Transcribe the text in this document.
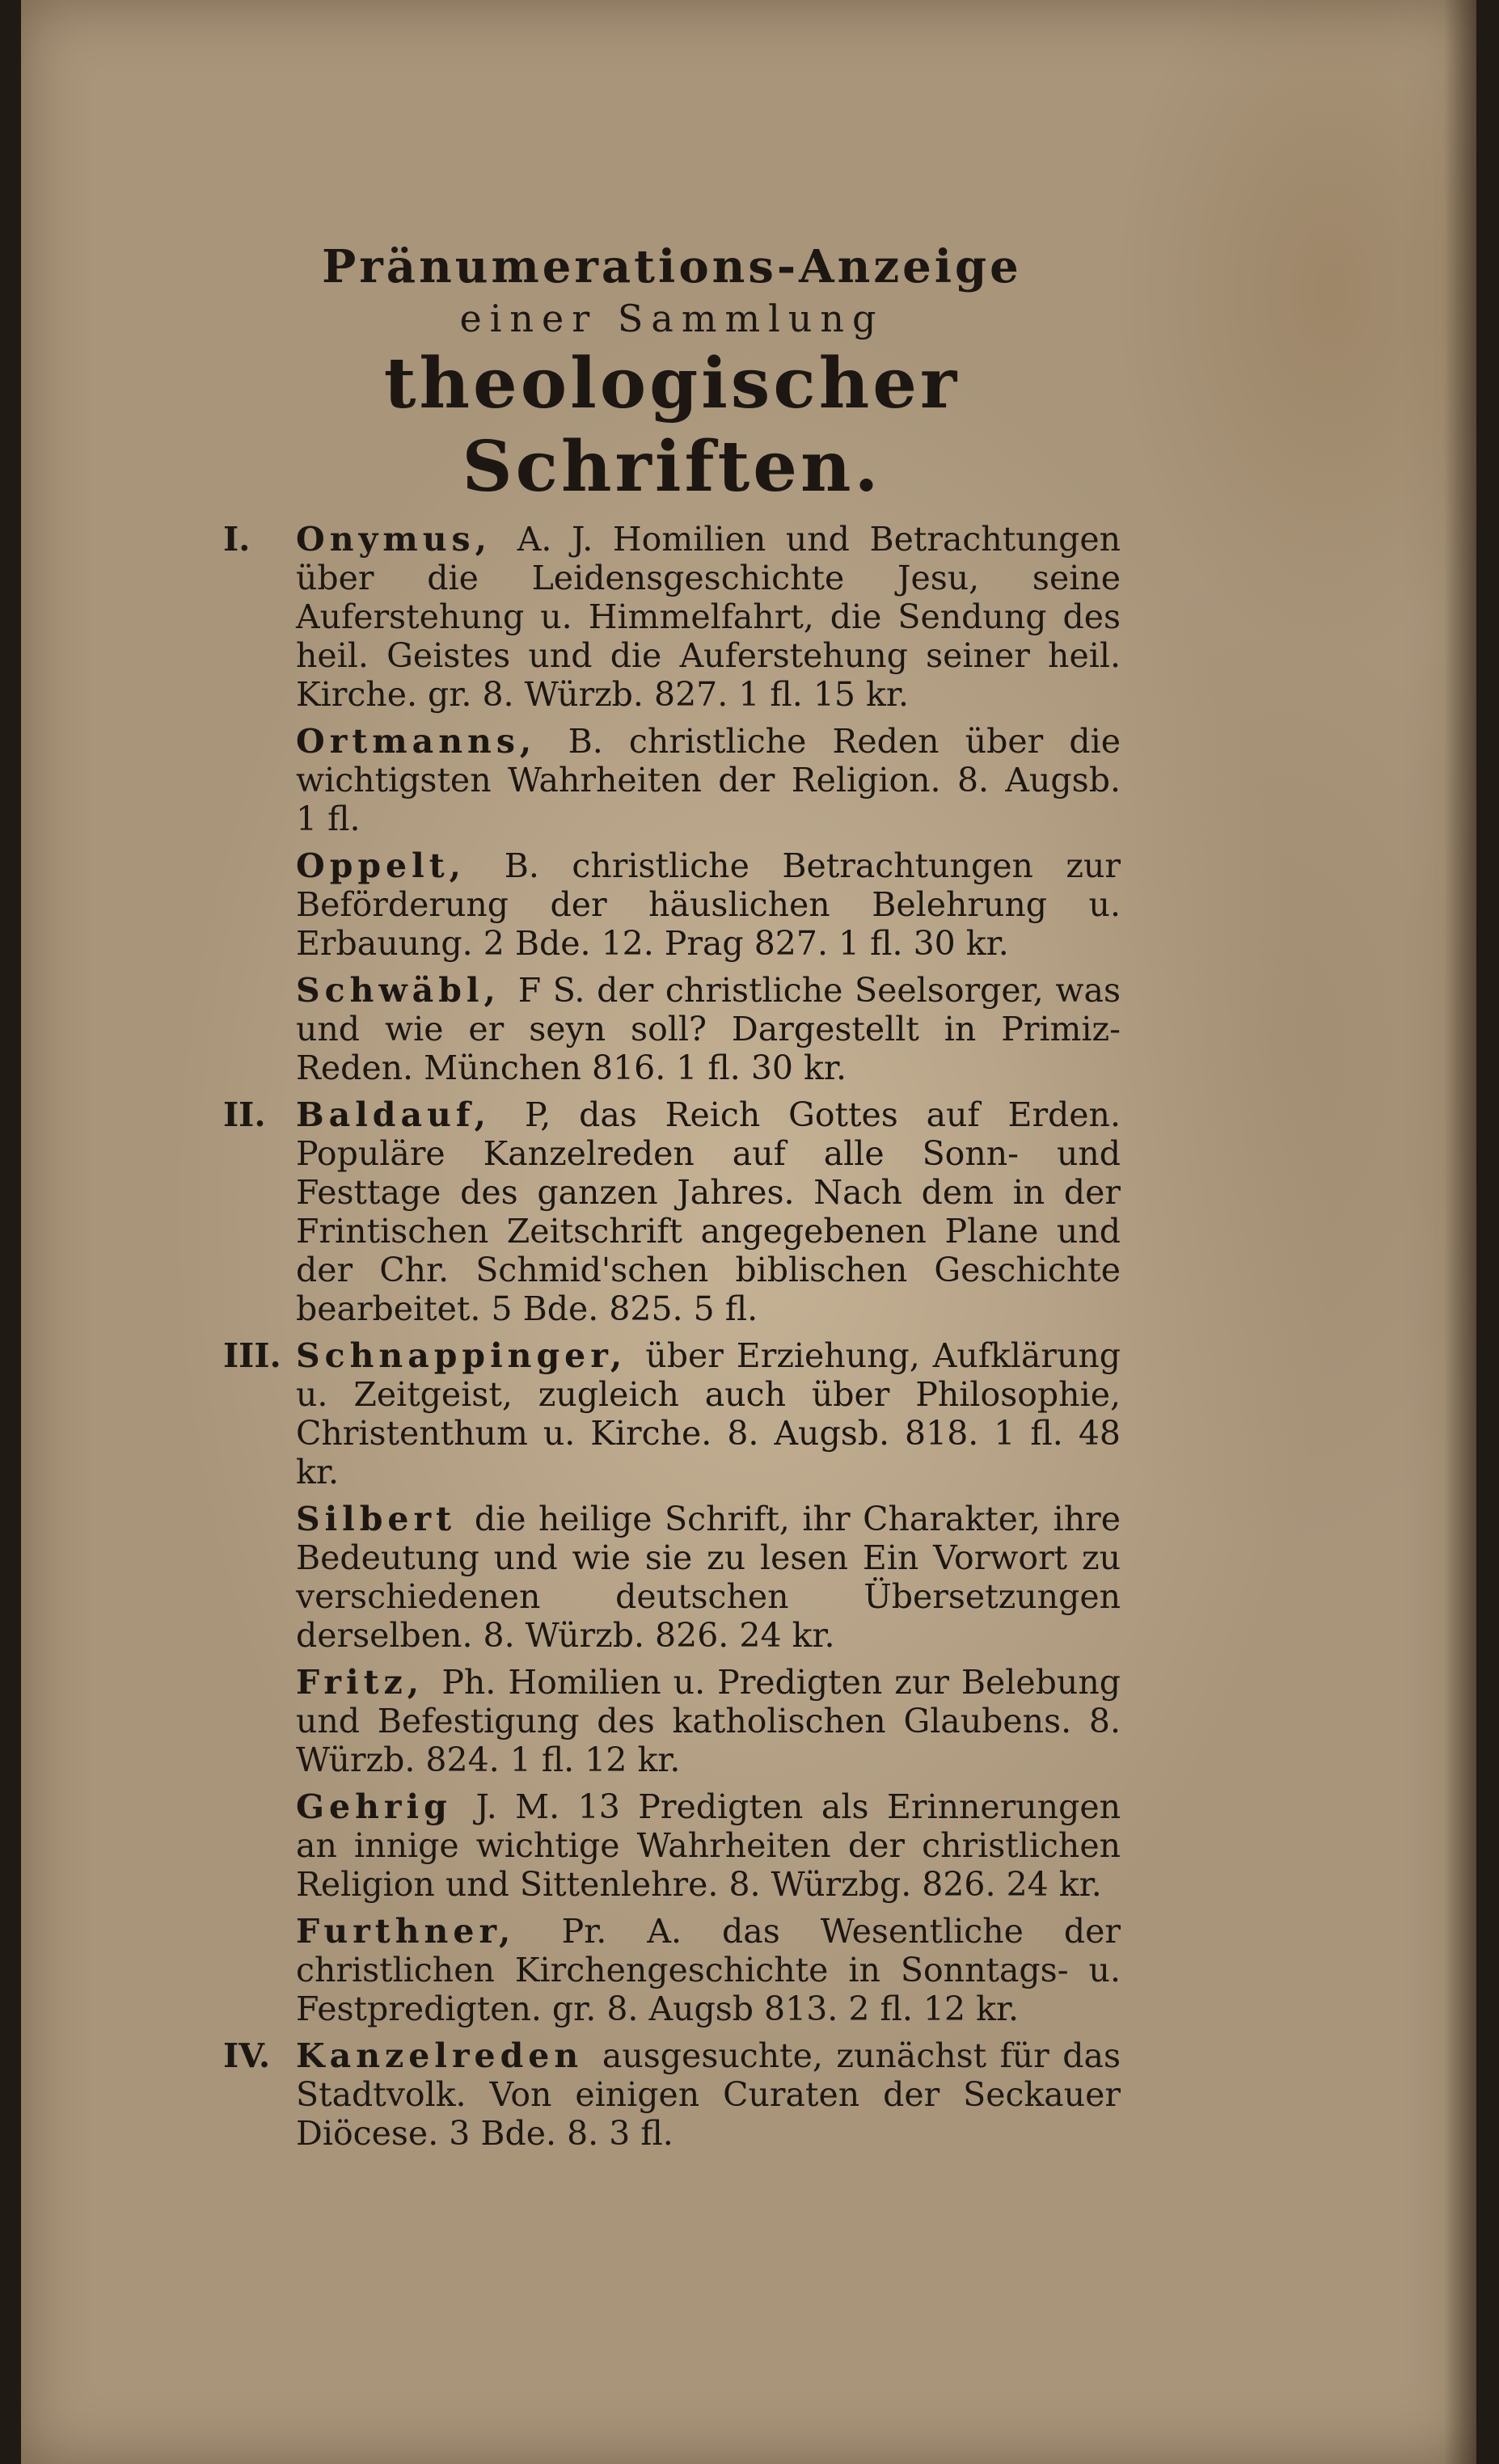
Pränumerations-Anzeige
einer Sammlung
theologischer Schriften.
I.	Onymus, A. J. Homilien und Betrachtungen über die Leidensgeschichte Jesu, seine Auferstehung u. Himmelfahrt, die Sendung des heil. Geistes und die Auferstehung seiner heil. Kirche. gr. 8. Würzb. 827. 1 fl. 15 kr.
Ortmanns, B. christliche Reden über die wichtigsten Wahrheiten der Religion. 8. Augsb. 1 fl.
Oppelt, B. christliche Betrachtungen zur Beförderung der häuslichen Belehrung u. Erbauung. 2 Bde. 12. Prag 827. 1 fl. 30 kr.
Schwäbl, F S. der christliche Seelsorger, was und wie er seyn soll? Dargestellt in Primiz-Reden. München 816. 1 fl. 30 kr.
II. Baldauf, P, das Reich Gottes auf Erden. Populäre Kanzelreden auf alle Sonn- und Festtage des ganzen Jahres. Nach dem in der Frintischen Zeitschrift angegebenen Plane und der Chr. Schmid'schen biblischen Geschichte bearbeitet. 5 Bde. 825. 5 fl.
III. Schnappinger, über Erziehung, Aufklärung u. Zeitgeist, zugleich auch über Philosophie, Christenthum u. Kirche. 8. Augsb. 818. 1 fl. 48 kr.
Silbert die heilige Schrift, ihr Charakter, ihre Bedeutung und wie sie zu lesen Ein Vorwort zu verschiedenen deutschen Übersetzungen derselben. 8. Würzb. 826. 24 kr.
Fritz, Ph. Homilien u. Predigten zur Belebung und Befestigung des katholischen Glaubens. 8. Würzb. 824. 1 fl. 12 kr.
Gehrig J. M. 13 Predigten als Erinnerungen an innige wichtige Wahrheiten der christlichen Religion und Sittenlehre. 8. Würzbg. 826. 24 kr.
Furthner, Pr. A. das Wesentliche der christlichen Kirchengeschichte in Sonntags- u. Festpredigten. gr. 8. Augsb 813. 2 fl. 12 kr.
IV. Kanzelreden ausgesuchte, zunächst für das Stadtvolk. Von einigen Curaten der Seckauer Diöcese. 3 Bde. 8. 3 fl.
